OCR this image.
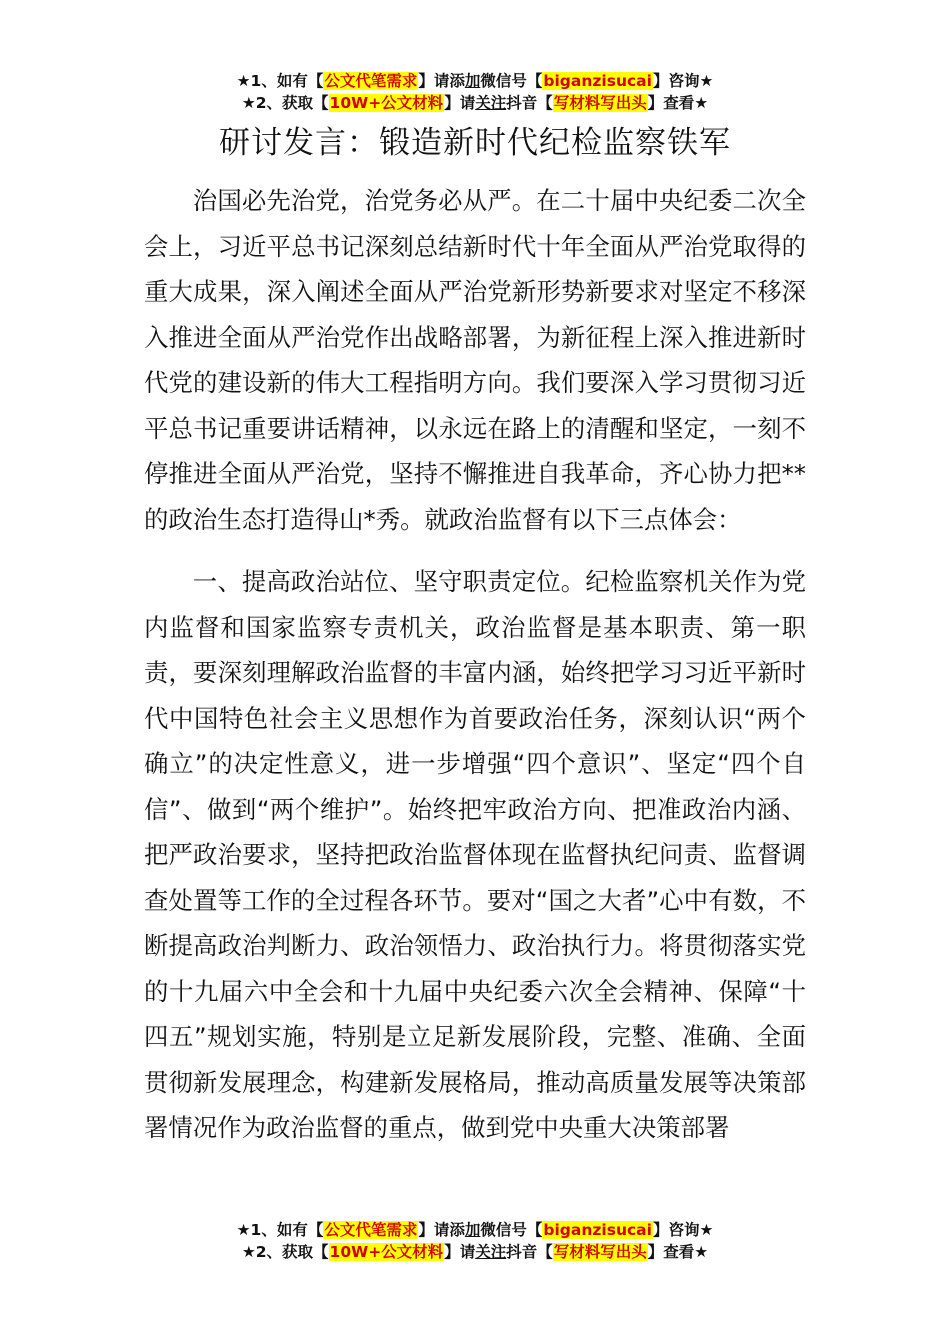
★1、如有【公文代笔需求】请添加微信号【biganzisucai】咨询★
★2、获取【10W+公文材料】请关注抖音【写材料写出头】查看★
研讨发言：锻造新时代纪检监察铁军

治国必先治党，治党务必从严。在二十届中央纪委二次全会上，习近平总书记深刻总结新时代十年全面从严治党取得的重大成果，深入阐述全面从严治党新形势新要求对坚定不移深入推进全面从严治党作出战略部署，为新征程上深入推进新时代党的建设新的伟大工程指明方向。我们要深入学习贯彻习近平总书记重要讲话精神，以永远在路上的清醒和坚定，一刻不停推进全面从严治党，坚持不懈推进自我革命，齐心协力把**的政治生态打造得山*秀。就政治监督有以下三点体会：

一、提高政治站位、坚守职责定位。纪检监察机关作为党内监督和国家监察专责机关，政治监督是基本职责、第一职责，要深刻理解政治监督的丰富内涵，始终把学习习近平新时代中国特色社会主义思想作为首要政治任务，深刻认识“两个确立”的决定性意义，进一步增强“四个意识”、坚定“四个自信”、做到“两个维护”。始终把牢政治方向、把准政治内涵、把严政治要求，坚持把政治监督体现在监督执纪问责、监督调查处置等工作的全过程各环节。要对“国之大者”心中有数，不断提高政治判断力、政治领悟力、政治执行力。将贯彻落实党的十九届六中全会和十九届中央纪委六次全会精神、保障“十四五”规划实施，特别是立足新发展阶段，完整、准确、全面贯彻新发展理念，构建新发展格局，推动高质量发展等决策部署情况作为政治监督的重点，做到党中央重大决策部署

★1、如有【公文代笔需求】请添加微信号【biganzisucai】咨询★
★2、获取【10W+公文材料】请关注抖音【写材料写出头】查看★
